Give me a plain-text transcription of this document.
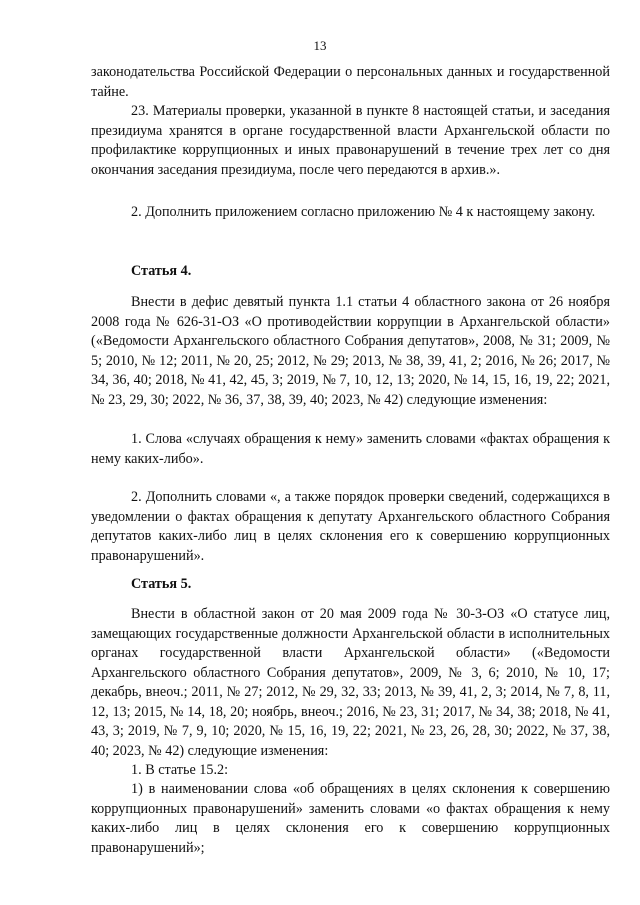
13

законодательства Российской Федерации о персональных данных и государственной тайне.

23. Материалы проверки, указанной в пункте 8 настоящей статьи, и заседания президиума хранятся в органе государственной власти Архангельской области по профилактике коррупционных и иных правонарушений в течение трех лет со дня окончания заседания президиума, после чего передаются в архив.».

2. Дополнить приложением согласно приложению № 4 к настоящему закону.

Статья 4.

Внести в дефис девятый пункта 1.1 статьи 4 областного закона от 26 ноября 2008 года № 626-31-ОЗ «О противодействии коррупции в Архангельской области» («Ведомости Архангельского областного Собрания депутатов», 2008, № 31; 2009, № 5; 2010, № 12; 2011, № 20, 25; 2012, № 29; 2013, № 38, 39, 41, 2; 2016, № 26; 2017, № 34, 36, 40; 2018, № 41, 42, 45, 3; 2019, № 7, 10, 12, 13; 2020, № 14, 15, 16, 19, 22; 2021, № 23, 29, 30; 2022, № 36, 37, 38, 39, 40; 2023, № 42) следующие изменения:

1. Слова «случаях обращения к нему» заменить словами «фактах обращения к нему каких-либо».

2. Дополнить словами «, а также порядок проверки сведений, содержащихся в уведомлении о фактах обращения к депутату Архангельского областного Собрания депутатов каких-либо лиц в целях склонения его к совершению коррупционных правонарушений».

Статья 5.

Внести в областной закон от 20 мая 2009 года № 30-3-ОЗ «О статусе лиц, замещающих государственные должности Архангельской области в исполнительных органах государственной власти Архангельской области» («Ведомости Архангельского областного Собрания депутатов», 2009, № 3, 6; 2010, № 10, 17; декабрь, внеоч.; 2011, № 27; 2012, № 29, 32, 33; 2013, № 39, 41, 2, 3; 2014, № 7, 8, 11, 12, 13; 2015, № 14, 18, 20; ноябрь, внеоч.; 2016, № 23, 31; 2017, № 34, 38; 2018, № 41, 43, 3; 2019, № 7, 9, 10; 2020, № 15, 16, 19, 22; 2021, № 23, 26, 28, 30; 2022, № 37, 38, 40; 2023, № 42) следующие изменения:

1. В статье 15.2:

1) в наименовании слова «об обращениях в целях склонения к совершению коррупционных правонарушений» заменить словами «о фактах обращения к нему каких-либо лиц в целях склонения его к совершению коррупционных правонарушений»;
